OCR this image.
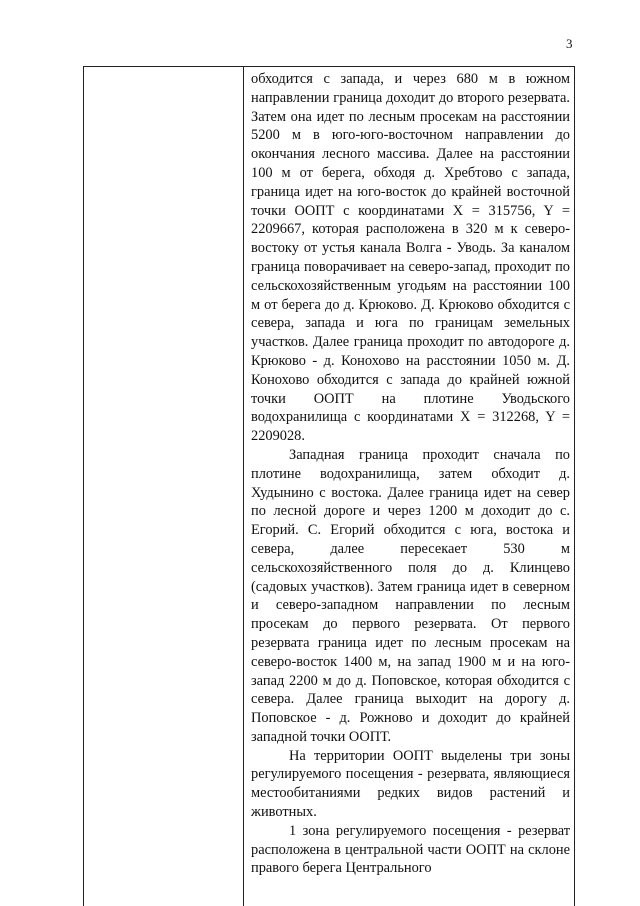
3

обходится с запада, и через 680 м в южном направлении граница доходит до второго резервата. Затем она идет по лесным просекам на расстоянии 5200 м в юго-юго-восточном направлении до окончания лесного массива. Далее на расстоянии 100 м от берега, обходя д. Хребтово с запада, граница идет на юго-восток до крайней восточной точки ООПТ с координатами X = 315756, Y = 2209667, которая расположена в 320 м к северо-востоку от устья канала Волга - Уводь. За каналом граница поворачивает на северо-запад, проходит по сельскохозяйственным угодьям на расстоянии 100 м от берега до д. Крюково. Д. Крюково обходится с севера, запада и юга по границам земельных участков. Далее граница проходит по автодороге д. Крюково - д. Конохово на расстоянии 1050 м. Д. Конохово обходится с запада до крайней южной точки ООПТ на плотине Уводьского водохранилища с координатами X = 312268, Y = 2209028.

Западная граница проходит сначала по плотине водохранилища, затем обходит д. Худынино с востока. Далее граница идет на север по лесной дороге и через 1200 м доходит до с. Егорий. С. Егорий обходится с юга, востока и севера, далее пересекает 530 м сельскохозяйственного поля до д. Клинцево (садовых участков). Затем граница идет в северном и северо-западном направлении по лесным просекам до первого резервата. От первого резервата граница идет по лесным просекам на северо-восток 1400 м, на запад 1900 м и на юго-запад 2200 м до д. Поповское, которая обходится с севера. Далее граница выходит на дорогу д. Поповское - д. Рожново и доходит до крайней западной точки ООПТ.

На территории ООПТ выделены три зоны регулируемого посещения - резервата, являющиеся местообитаниями редких видов растений и животных.

1 зона регулируемого посещения - резерват расположена в центральной части ООПТ на склоне правого берега Центрального
